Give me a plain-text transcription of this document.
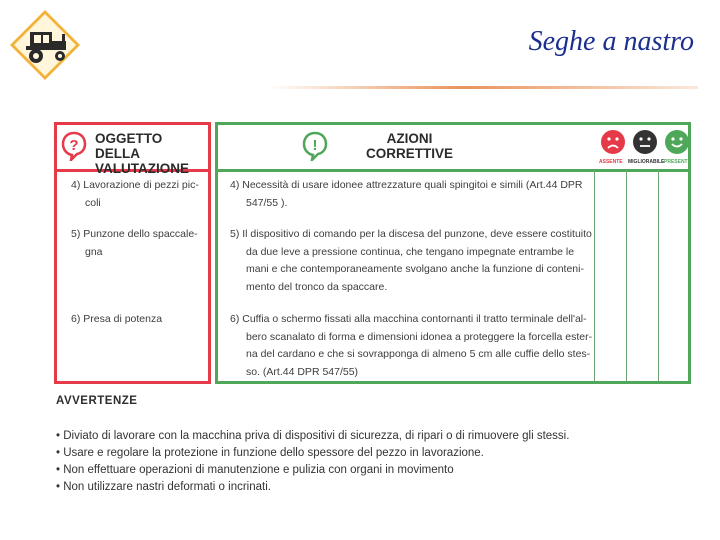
Seghe a nastro
? OGGETTO DELLA
VALUTAZIONE
4) Lavorazione di pezzi pic-
coli
5) Punzone dello spaccale-
gna
6) Presa di potenza
!	AZIONI
CORRETTIVE
ASSENTE MIGLIORABILE PRESENTE
4) Necessità di usare idonee attrezzature quali spingitoi e simili (Art.44 DPR
547/55 ).
5) Il dispositivo di comando per la discesa del punzone, deve essere costituito
da due leve a pressione continua, che tengano impegnate entrambe le
mani e che contemporaneamente svolgano anche la funzione di conteni-
mento del tronco da spaccare.
6) Cuffia o schermo fissati alla macchina contornanti il tratto terminale dell'al-
bero scanalato di forma e dimensioni idonea a proteggere la forcella ester-
na del cardano e che si sovrapponga di almeno 5 cm alle cuffie dello stes-
so. (Art.44 DPR 547/55)
AVVERTENZE
• Diviato di lavorare con la macchina priva di dispositivi di sicurezza, di ripari o di rimuovere gli stessi.
• Usare e regolare la protezione in funzione dello spessore del pezzo in lavorazione.
• Non effettuare operazioni di manutenzione e pulizia con organi in movimento
• Non utilizzare nastri deformati o incrinati.
